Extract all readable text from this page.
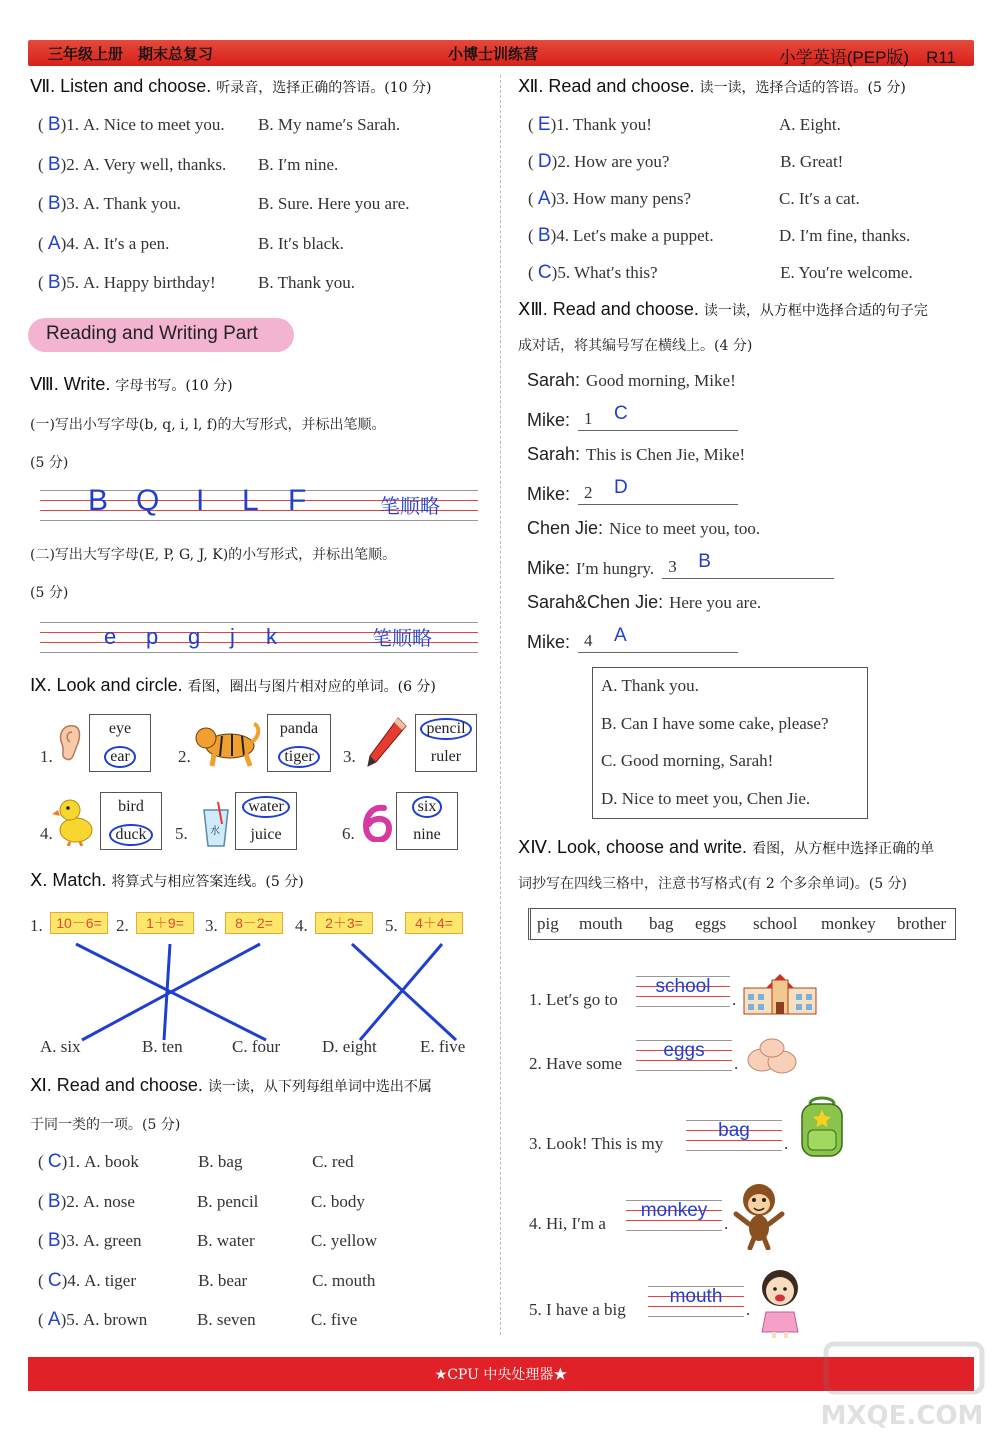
三年级上册　期末总复习	小博士训练营	小学英语(PEP版)　R11
★CPU 中央处理器★
Ⅶ. Listen and choose. 听录音，选择正确的答语。(10 分)
( B)1. A. Nice to meet you. B. My name′s Sarah.
( B)2. A. Very well, thanks. B. I′m nine.
( B)3. A. Thank you.	B. Sure. Here you are.
( A)4. A. It′s a pen.	B. It′s black.
( B)5. A. Happy birthday! B. Thank you.
Reading and Writing Part
Ⅷ. Write. 字母书写。(10 分)
(一)写出小写字母(b, q, i, l, f)的大写形式，并标出笔顺。
(5 分)
B Q I L F	笔顺略
(二)写出大写字母(E, P, G, J, K)的小写形式，并标出笔顺。
(5 分)
e p g j k	笔顺略
Ⅸ. Look and circle. 看图，圈出与图片相对应的单词。(6 分)
水
1.
eye
ear	2.
panda
tiger	3.
pencil
ruler
4.
bird
duck	5.
water
juice	6.
six
nine
Ⅹ. Match. 将算式与相应答案连线。(5 分)
1. 10－6= 2.	1＋9=	3.	8－2=	4.	2＋3=	5.	4＋4=
A. six	B. ten	C. four D. eight	E. five
Ⅺ. Read and choose. 读一读，从下列每组单词中选出不属
于同一类的一项。(5 分)
( C)1. A. book	B. bag	C. red
( B)2. A. nose	B. pencil	C. body
( B)3. A. green	B. water	C. yellow
( C)4. A. tiger	B. bear	C. mouth
( A)5. A. brown	B. seven	C. five
Ⅻ. Read and choose. 读一读，选择合适的答语。(5 分)
( E)1. Thank you!	A. Eight.
( D)2. How are you?	B. Great!
( A)3. How many pens?	C. It′s a cat.
( B)4. Let′s make a puppet.	D. I′m fine, thanks.
( C)5. What′s this?	E. You′re welcome.
ⅩⅢ. Read and choose. 读一读，从方框中选择合适的句子完
成对话，将其编号写在横线上。(4 分)
Sarah: Good morning, Mike!
Mike: 1 C
Sarah: This is Chen Jie, Mike!
Mike: 2 D
Chen Jie: Nice to meet you, too.
Mike: I′m hungry. 3 B
Sarah&Chen Jie: Here you are.
Mike: 4 A
A. Thank you.
B. Can I have some cake, please?
C. Good morning, Sarah!
D. Nice to meet you, Chen Jie.
ⅩⅣ. Look, choose and write. 看图，从方框中选择正确的单
词抄写在四线三格中，注意书写格式(有 2 个多余单词)。(5 分)
pig mouth bag eggs school monkey brother
1. Let′s go to
school
.
2. Have some
eggs
.
3. Look! This is my
bag
.
4. Hi, I′m a
monkey
.
5. I have a big
mouth
.
MXQE.COM
